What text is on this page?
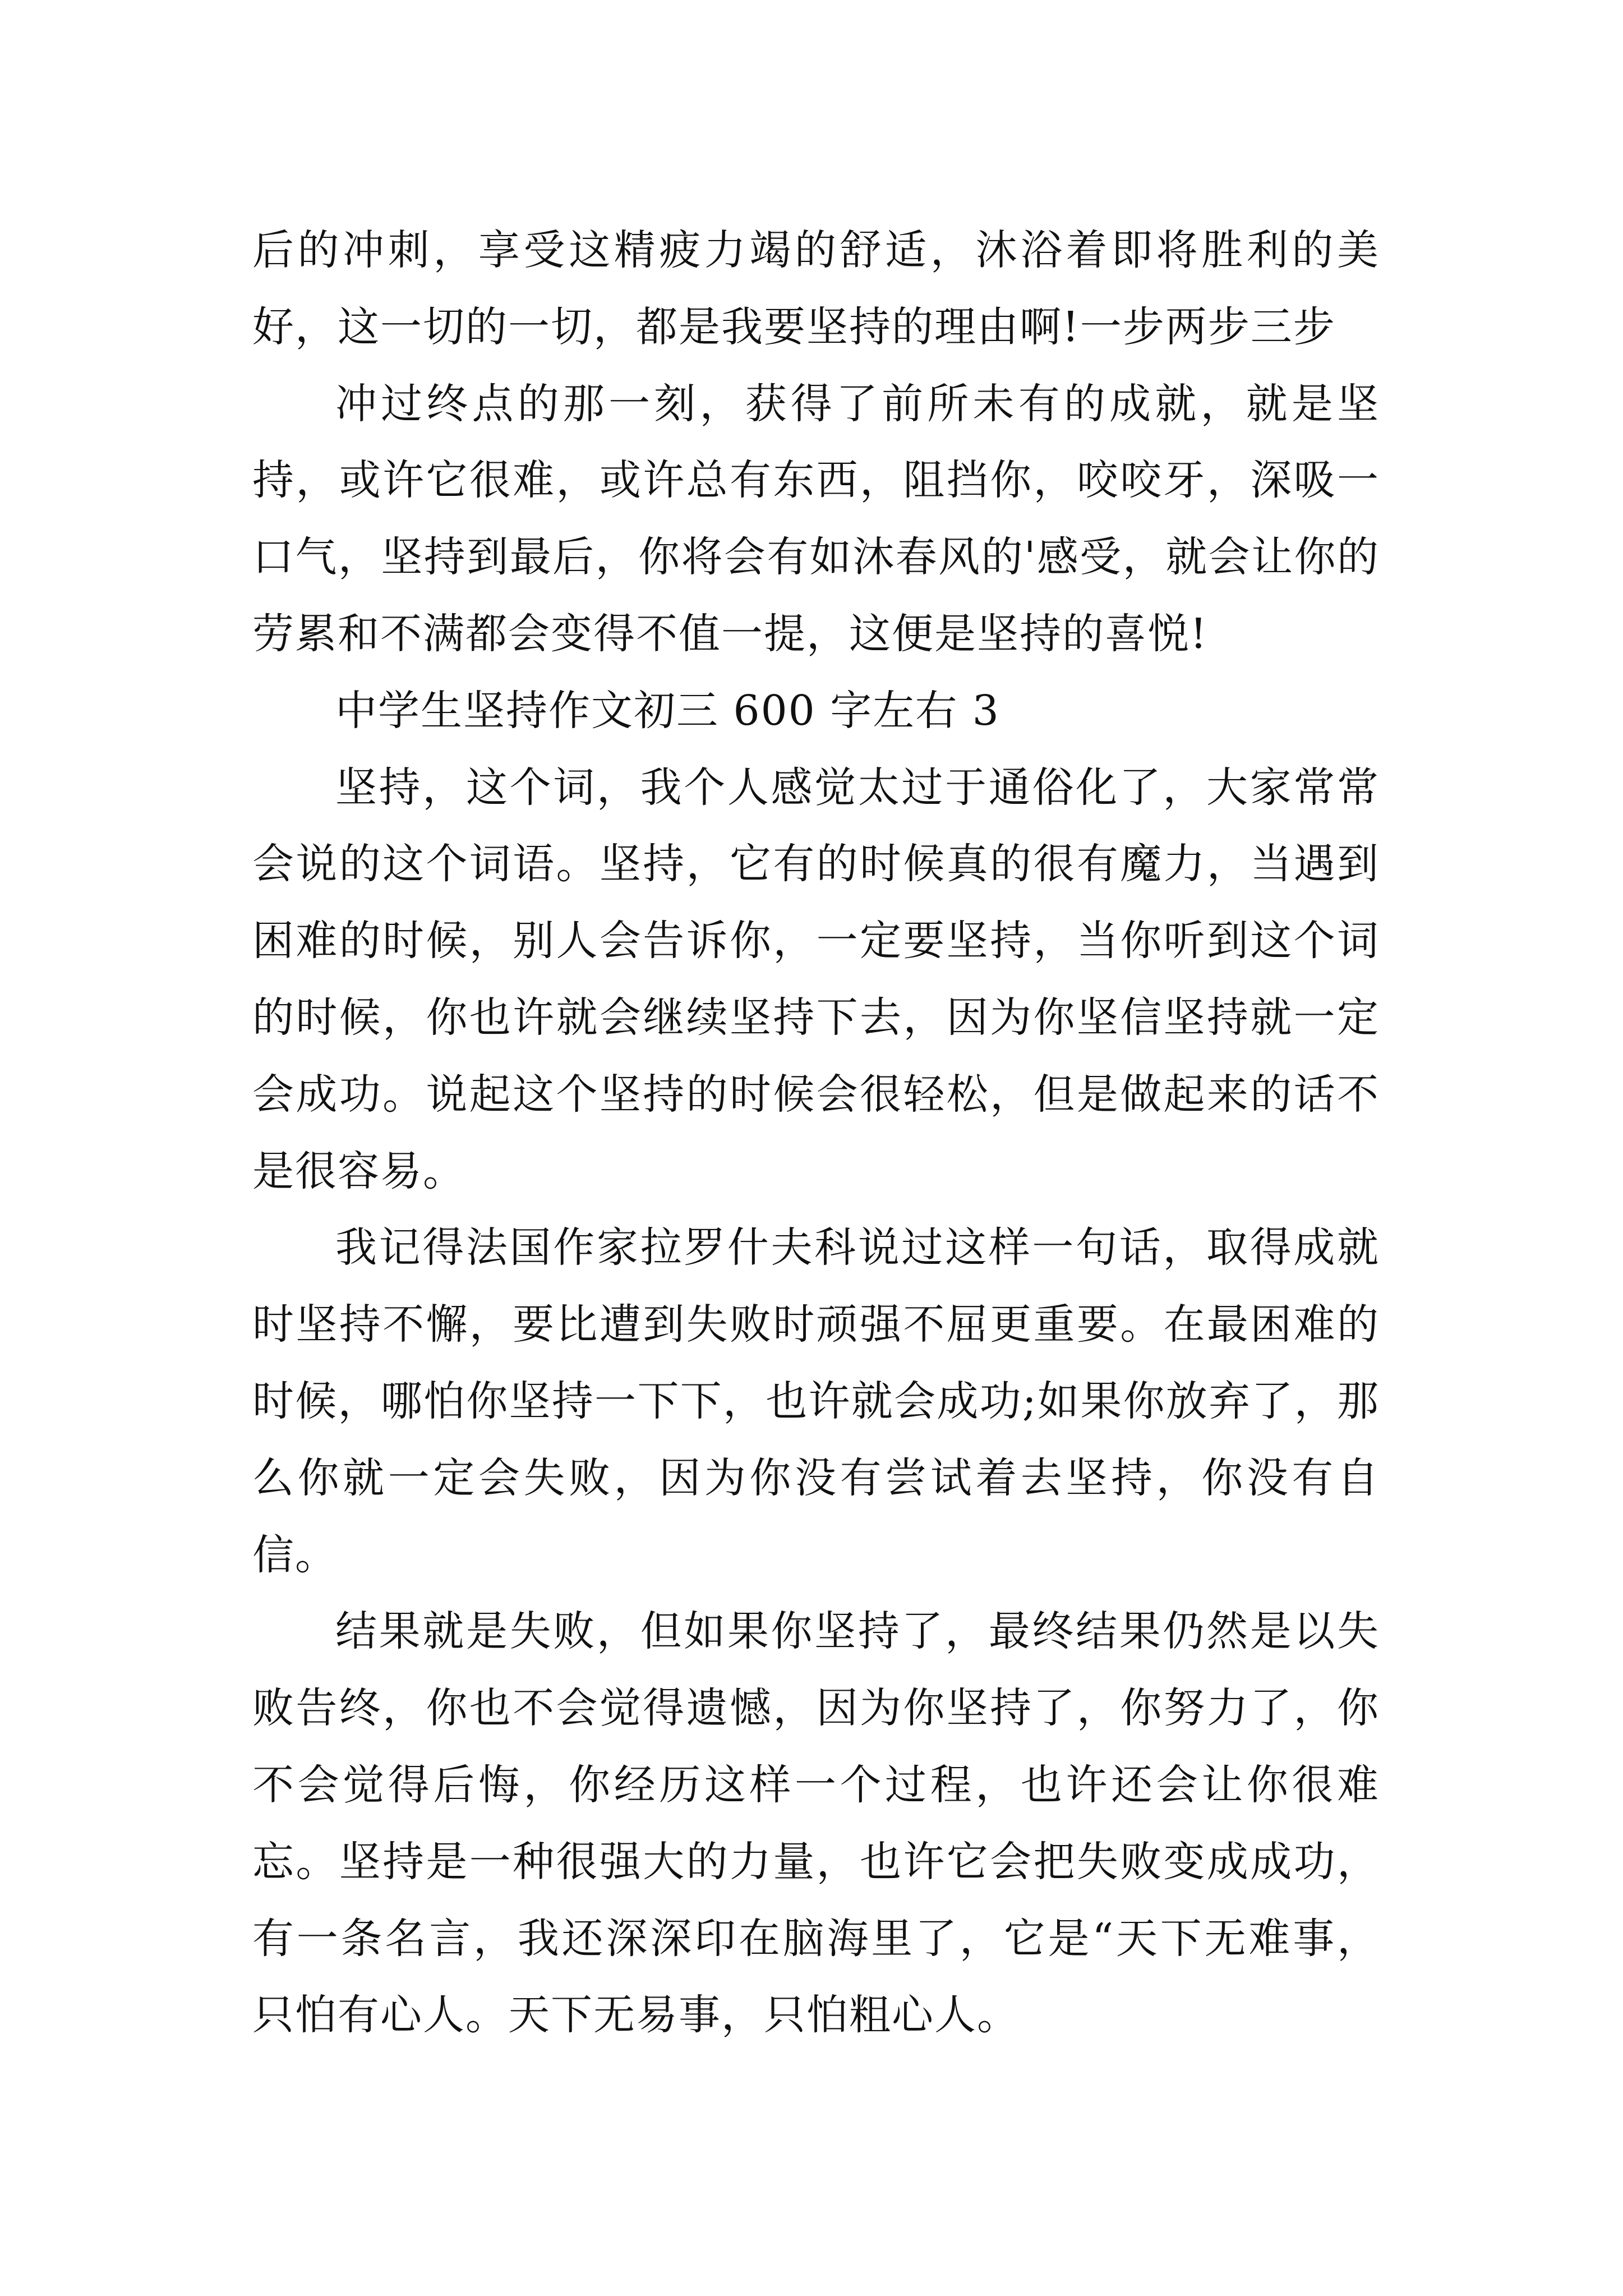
后的冲刺，享受这精疲力竭的舒适，沐浴着即将胜利的美好，这一切的一切，都是我要坚持的理由啊!一步两步三步

冲过终点的那一刻，获得了前所未有的成就，就是坚持，或许它很难，或许总有东西，阻挡你，咬咬牙，深吸一口气，坚持到最后，你将会有如沐春风的'感受，就会让你的劳累和不满都会变得不值一提，这便是坚持的喜悦!

中学生坚持作文初三 600 字左右 3

坚持，这个词，我个人感觉太过于通俗化了，大家常常会说的这个词语。坚持，它有的时候真的很有魔力，当遇到困难的时候，别人会告诉你，一定要坚持，当你听到这个词的时候，你也许就会继续坚持下去，因为你坚信坚持就一定会成功。说起这个坚持的时候会很轻松，但是做起来的话不是很容易。

我记得法国作家拉罗什夫科说过这样一句话，取得成就时坚持不懈，要比遭到失败时顽强不屈更重要。在最困难的时候，哪怕你坚持一下下，也许就会成功;如果你放弃了，那么你就一定会失败，因为你没有尝试着去坚持，你没有自信。

结果就是失败，但如果你坚持了，最终结果仍然是以失败告终，你也不会觉得遗憾，因为你坚持了，你努力了，你不会觉得后悔，你经历这样一个过程，也许还会让你很难忘。坚持是一种很强大的力量，也许它会把失败变成成功，有一条名言，我还深深印在脑海里了，它是“天下无难事，只怕有心人。天下无易事，只怕粗心人。
